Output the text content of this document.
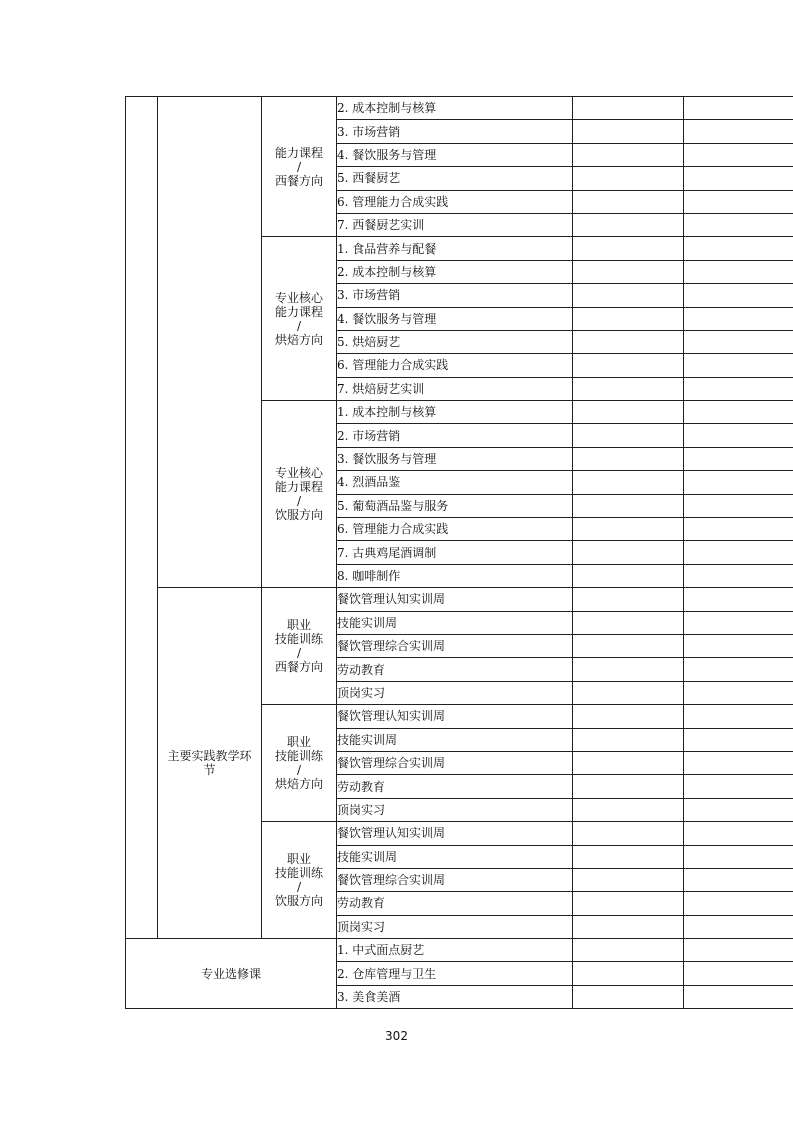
		能力课程
/
西餐方向	2. 成本控制与核算		
			3. 市场营销		
			4. 餐饮服务与管理		
			5. 西餐厨艺		
			6. 管理能力合成实践		
			7. 西餐厨艺实训		

		专业核心
能力课程
/
烘焙方向	1. 食品营养与配餐		
			2. 成本控制与核算		
			3. 市场营销		
			4. 餐饮服务与管理		
			5. 烘焙厨艺		
			6. 管理能力合成实践		
			7. 烘焙厨艺实训		

		专业核心
能力课程
/
饮服方向	1. 成本控制与核算		
			2. 市场营销		
			3. 餐饮服务与管理		
			4. 烈酒品鉴		
			5. 葡萄酒品鉴与服务		
			6. 管理能力合成实践		
			7. 古典鸡尾酒调制		
			8. 咖啡制作		

	主要实践教学环
节	职业
技能训练
/
西餐方向	餐饮管理认知实训周		
			技能实训周		
			餐饮管理综合实训周		
			劳动教育		
			顶岗实习		

		职业
技能训练
/
烘焙方向	餐饮管理认知实训周		
			技能实训周		
			餐饮管理综合实训周		
			劳动教育		
			顶岗实习		

		职业
技能训练
/
饮服方向	餐饮管理认知实训周		
			技能实训周		
			餐饮管理综合实训周		
			劳动教育		
			顶岗实习		
专业选修课			1. 中式面点厨艺		
			2. 仓库管理与卫生		
			3. 美食美酒		
302
